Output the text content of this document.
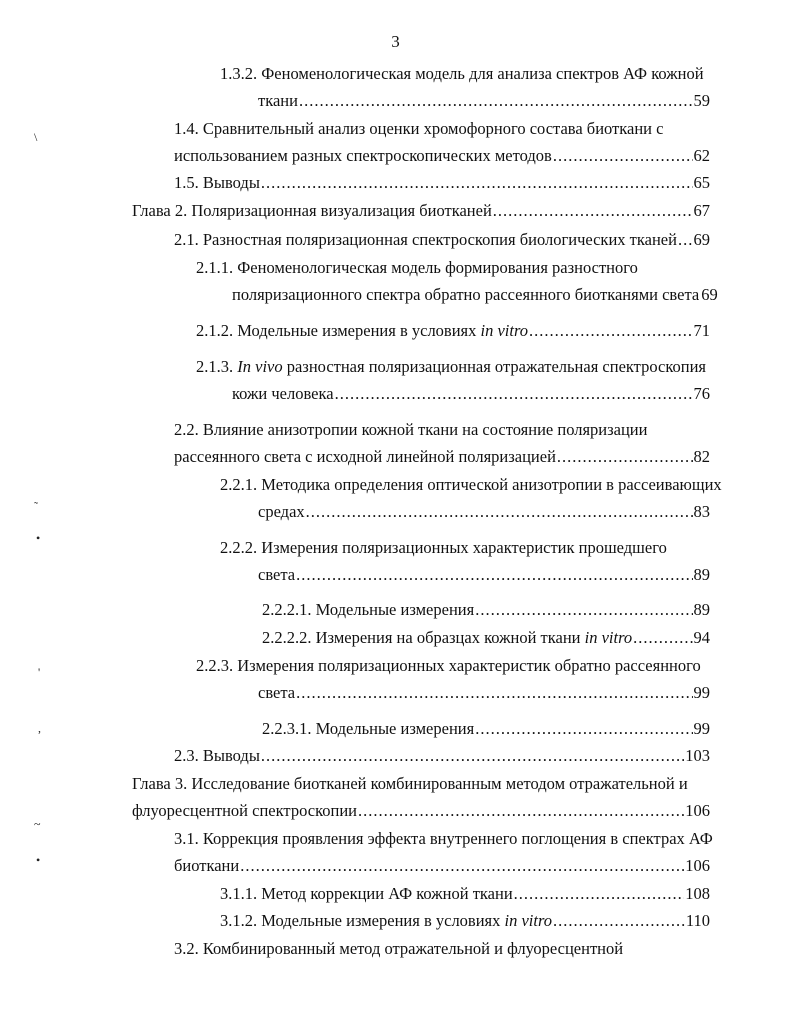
3
1.3.2. Феноменологическая модель для анализа спектров АФ кожной
ткани .....	59
1.4. Сравнительный анализ оценки хромофорного состава биоткани с
использованием разных спектроскопических методов .....	62
1.5. Выводы .....	65
Глава 2. Поляризационная визуализация биотканей .....	67
2.1. Разностная поляризационная спектроскопия биологических тканей ..... 69
2.1.1. Феноменологическая модель формирования разностного
поляризационного спектра обратно рассеянного биотканями света 69
2.1.2. Модельные измерения в условиях in vitro .....	71
2.1.3. In vivo разностная поляризационная отражательная спектроскопия
кожи человека .....	76
2.2. Влияние анизотропии кожной ткани на состояние поляризации
рассеянного света с исходной линейной поляризацией .....	82
2.2.1. Методика определения оптической анизотропии в рассеивающих
средах .....	83
2.2.2. Измерения поляризационных характеристик прошедшего
света .....	89
2.2.2.1. Модельные измерения .....	89
2.2.2.2. Измерения на образцах кожной ткани in vitro .....	94
2.2.3. Измерения поляризационных характеристик обратно рассеянного
света .....	99
2.2.3.1. Модельные измерения .....	99
2.3. Выводы .....	103
Глава 3. Исследование биотканей комбинированным методом отражательной и
флуоресцентной спектроскопии .....	106
3.1. Коррекция проявления эффекта внутреннего поглощения в спектрах АФ
биоткани .....	106
3.1.1. Метод коррекции АФ кожной ткани .....	108
3.1.2. Модельные измерения в условиях in vitro .....	110
3.2. Комбинированный метод отражательной и флуоресцентной
\
˜
•
'
,
~
•
